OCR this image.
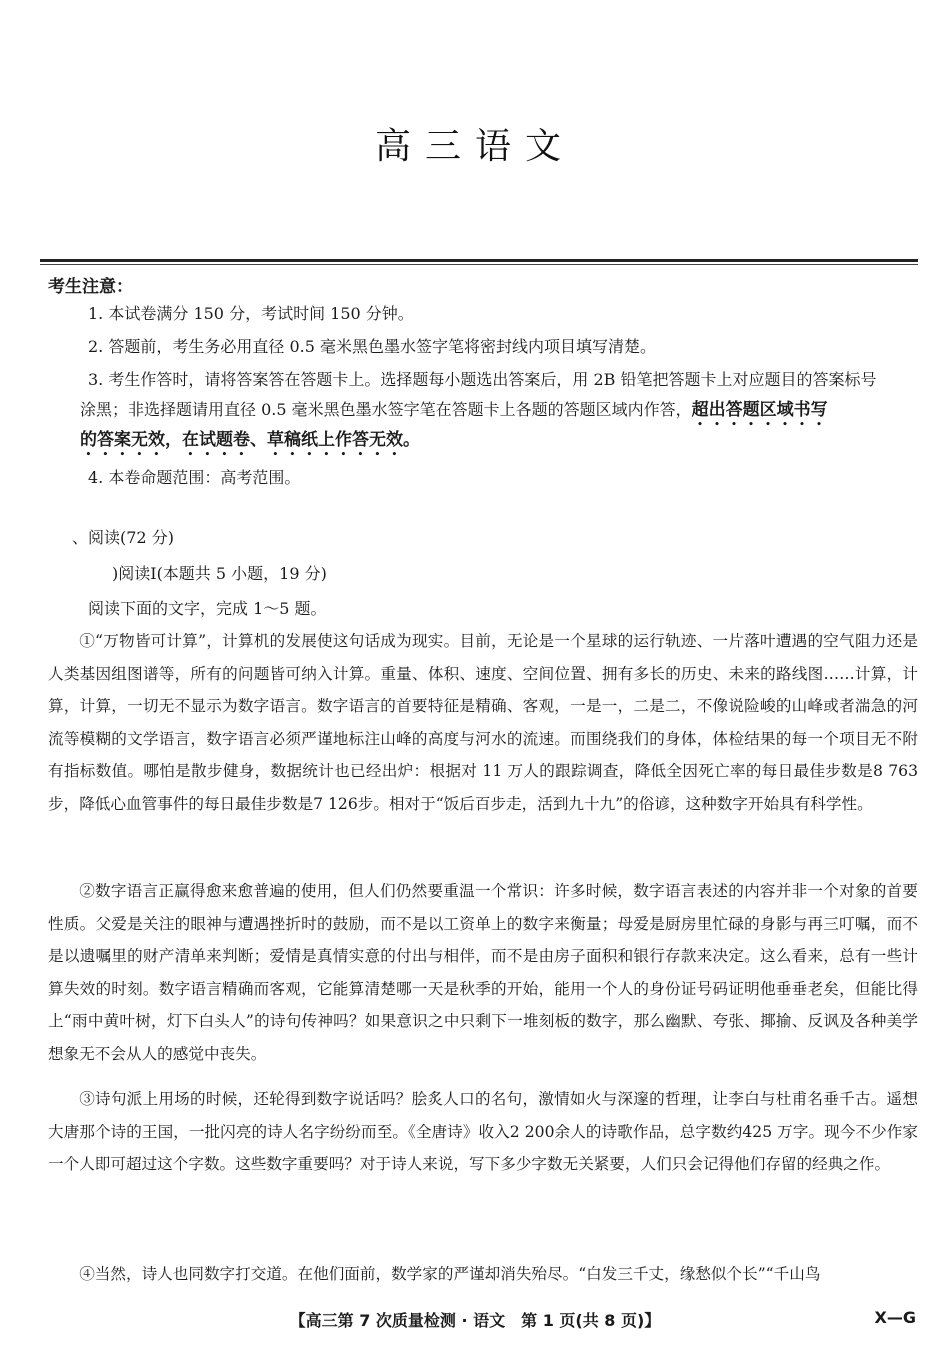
高三语文
考生注意：
1. 本试卷满分 150 分，考试时间 150 分钟。
2. 答题前，考生务必用直径 0.5 毫米黑色墨水签字笔将密封线内项目填写清楚。
3. 考生作答时，请将答案答在答题卡上。选择题每小题选出答案后，用 2B 铅笔把答题卡上对应题目的答案标号
涂黑；非选择题请用直径 0.5 毫米黑色墨水签字笔在答题卡上各题的答题区域内作答，超出答题区域书写
的答案无效，在试题卷、草稿纸上作答无效。
4. 本卷命题范围：高考范围。
、阅读(72 分)
)阅读Ⅰ(本题共 5 小题，19 分)
阅读下面的文字，完成 1～5 题。
①“万物皆可计算”，计算机的发展使这句话成为现实。目前，无论是一个星球的运行轨迹、一片落叶遭遇的空气阻力还是人类基因组图谱等，所有的问题皆可纳入计算。重量、体积、速度、空间位置、拥有多长的历史、未来的路线图……计算，计算，计算，一切无不显示为数字语言。数字语言的首要特征是精确、客观，一是一，二是二，不像说险峻的山峰或者湍急的河流等模糊的文学语言，数字语言必须严谨地标注山峰的高度与河水的流速。而围绕我们的身体，体检结果的每一个项目无不附有指标数值。哪怕是散步健身，数据统计也已经出炉：根据对 11 万人的跟踪调查，降低全因死亡率的每日最佳步数是8 763步，降低心血管事件的每日最佳步数是7 126步。相对于“饭后百步走，活到九十九”的俗谚，这种数字开始具有科学性。
②数字语言正赢得愈来愈普遍的使用，但人们仍然要重温一个常识：许多时候，数字语言表述的内容并非一个对象的首要性质。父爱是关注的眼神与遭遇挫折时的鼓励，而不是以工资单上的数字来衡量；母爱是厨房里忙碌的身影与再三叮嘱，而不是以遗嘱里的财产清单来判断；爱情是真情实意的付出与相伴，而不是由房子面积和银行存款来决定。这么看来，总有一些计算失效的时刻。数字语言精确而客观，它能算清楚哪一天是秋季的开始，能用一个人的身份证号码证明他垂垂老矣，但能比得上“雨中黄叶树，灯下白头人”的诗句传神吗？如果意识之中只剩下一堆刻板的数字，那么幽默、夸张、揶揄、反讽及各种美学想象无不会从人的感觉中丧失。
③诗句派上用场的时候，还轮得到数字说话吗？脍炙人口的名句，激情如火与深邃的哲理，让李白与杜甫名垂千古。遥想大唐那个诗的王国，一批闪亮的诗人名字纷纷而至。《全唐诗》收入2 200余人的诗歌作品，总字数约425 万字。现今不少作家一个人即可超过这个字数。这些数字重要吗？对于诗人来说，写下多少字数无关紧要，人们只会记得他们存留的经典之作。
④当然，诗人也同数字打交道。在他们面前，数学家的严谨却消失殆尽。“白发三千丈，缘愁似个长”“千山鸟
【高三第 7 次质量检测 · 语文　第 1 页(共 8 页)】	X—G
